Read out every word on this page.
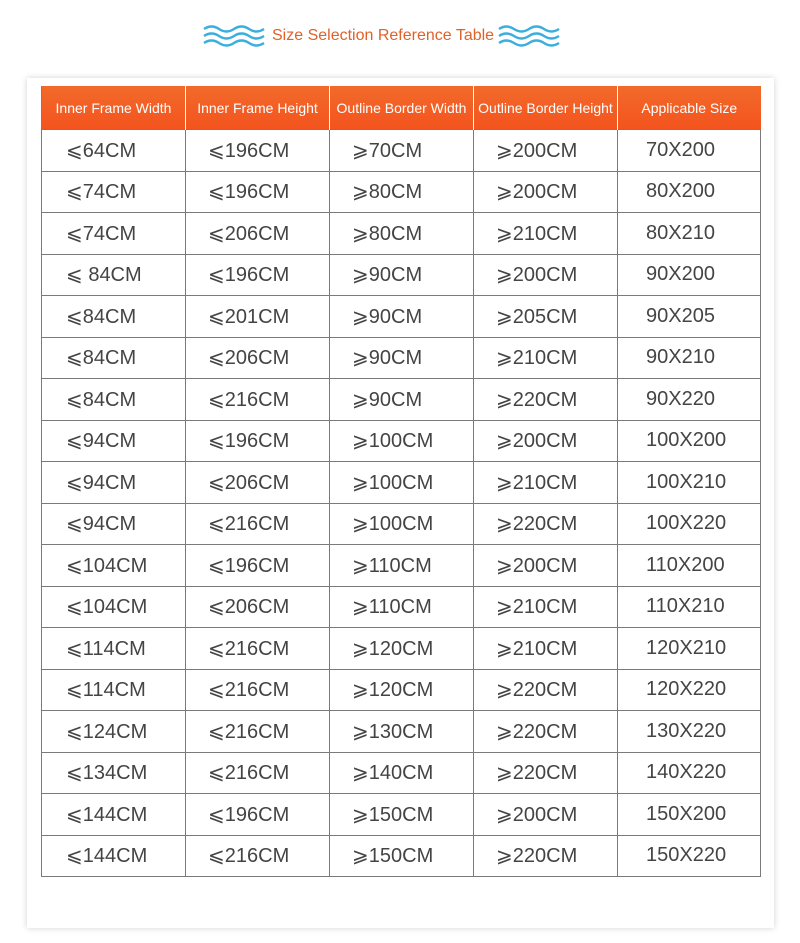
Size Selection Reference Table
Inner Frame Width	Inner Frame Height	Outline Border Width	Outline Border Height	Applicable Size
⩽64CM	⩽196CM	⩾70CM	⩾200CM	70X200
⩽74CM	⩽196CM	⩾80CM	⩾200CM	80X200
⩽74CM	⩽206CM	⩾80CM	⩾210CM	80X210
⩽ 84CM	⩽196CM	⩾90CM	⩾200CM	90X200
⩽84CM	⩽201CM	⩾90CM	⩾205CM	90X205
⩽84CM	⩽206CM	⩾90CM	⩾210CM	90X210
⩽84CM	⩽216CM	⩾90CM	⩾220CM	90X220
⩽94CM	⩽196CM	⩾100CM	⩾200CM	100X200
⩽94CM	⩽206CM	⩾100CM	⩾210CM	100X210
⩽94CM	⩽216CM	⩾100CM	⩾220CM	100X220
⩽104CM	⩽196CM	⩾110CM	⩾200CM	110X200
⩽104CM	⩽206CM	⩾110CM	⩾210CM	110X210
⩽114CM	⩽216CM	⩾120CM	⩾210CM	120X210
⩽114CM	⩽216CM	⩾120CM	⩾220CM	120X220
⩽124CM	⩽216CM	⩾130CM	⩾220CM	130X220
⩽134CM	⩽216CM	⩾140CM	⩾220CM	140X220
⩽144CM	⩽196CM	⩾150CM	⩾200CM	150X200
⩽144CM	⩽216CM	⩾150CM	⩾220CM	150X220
